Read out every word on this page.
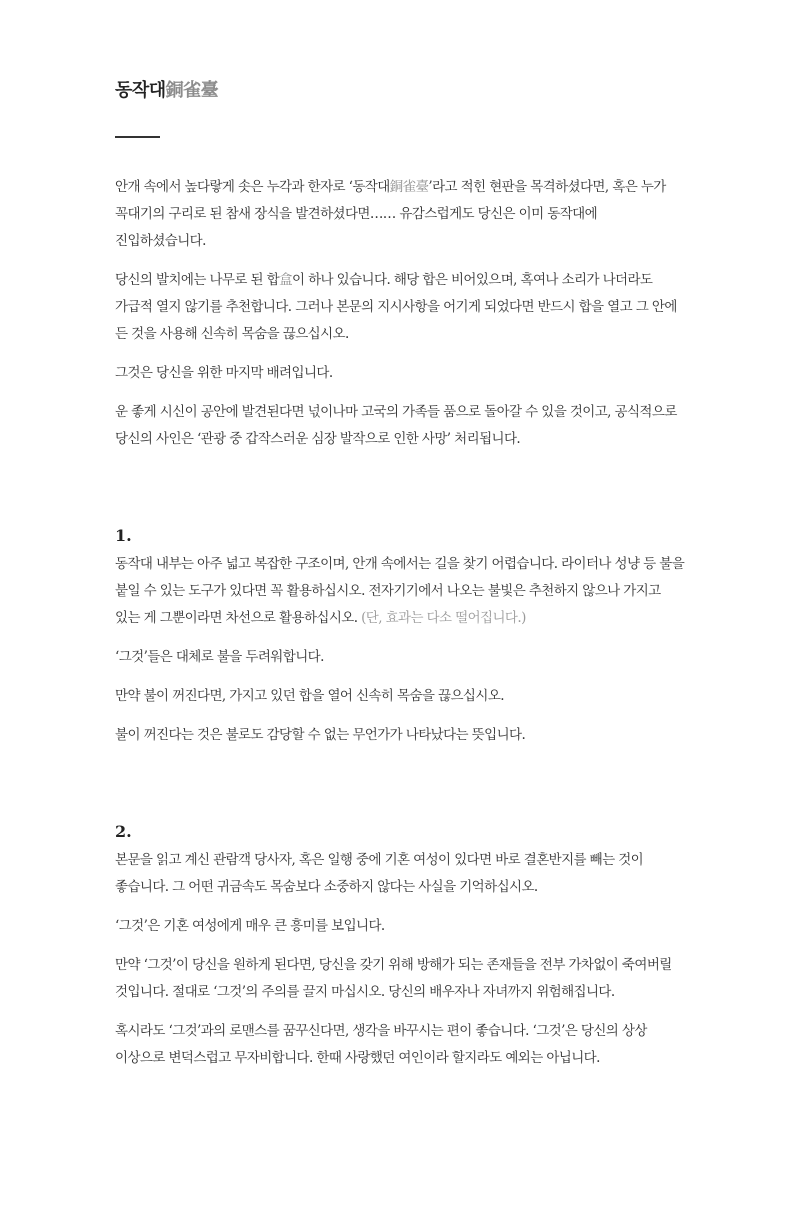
동작대銅雀臺

안개 속에서 높다랗게 솟은 누각과 한자로 ‘동작대銅雀臺’라고 적힌 현판을 목격하셨다면, 혹은 누가 꼭대기의 구리로 된 참새 장식을 발견하셨다면…… 유감스럽게도 당신은 이미 동작대에 진입하셨습니다.

당신의 발치에는 나무로 된 합盒이 하나 있습니다. 해당 합은 비어있으며, 혹여나 소리가 나더라도 가급적 열지 않기를 추천합니다. 그러나 본문의 지시사항을 어기게 되었다면 반드시 합을 열고 그 안에 든 것을 사용해 신속히 목숨을 끊으십시오.

그것은 당신을 위한 마지막 배려입니다.

운 좋게 시신이 공안에 발견된다면 넋이나마 고국의 가족들 품으로 돌아갈 수 있을 것이고, 공식적으로 당신의 사인은 ‘관광 중 갑작스러운 심장 발작으로 인한 사망’ 처리됩니다.

1.

동작대 내부는 아주 넓고 복잡한 구조이며, 안개 속에서는 길을 찾기 어렵습니다. 라이터나 성냥 등 불을 붙일 수 있는 도구가 있다면 꼭 활용하십시오. 전자기기에서 나오는 불빛은 추천하지 않으나 가지고 있는 게 그뿐이라면 차선으로 활용하십시오. (단, 효과는 다소 떨어집니다.)

‘그것’들은 대체로 불을 두려워합니다.

만약 불이 꺼진다면, 가지고 있던 합을 열어 신속히 목숨을 끊으십시오.

불이 꺼진다는 것은 불로도 감당할 수 없는 무언가가 나타났다는 뜻입니다.

2.

본문을 읽고 계신 관람객 당사자, 혹은 일행 중에 기혼 여성이 있다면 바로 결혼반지를 빼는 것이 좋습니다. 그 어떤 귀금속도 목숨보다 소중하지 않다는 사실을 기억하십시오.

‘그것’은 기혼 여성에게 매우 큰 흥미를 보입니다.

만약 ‘그것’이 당신을 원하게 된다면, 당신을 갖기 위해 방해가 되는 존재들을 전부 가차없이 죽여버릴 것입니다. 절대로 ‘그것’의 주의를 끌지 마십시오. 당신의 배우자나 자녀까지 위험해집니다.

혹시라도 ‘그것’과의 로맨스를 꿈꾸신다면, 생각을 바꾸시는 편이 좋습니다. ‘그것’은 당신의 상상 이상으로 변덕스럽고 무자비합니다. 한때 사랑했던 여인이라 할지라도 예외는 아닙니다.
